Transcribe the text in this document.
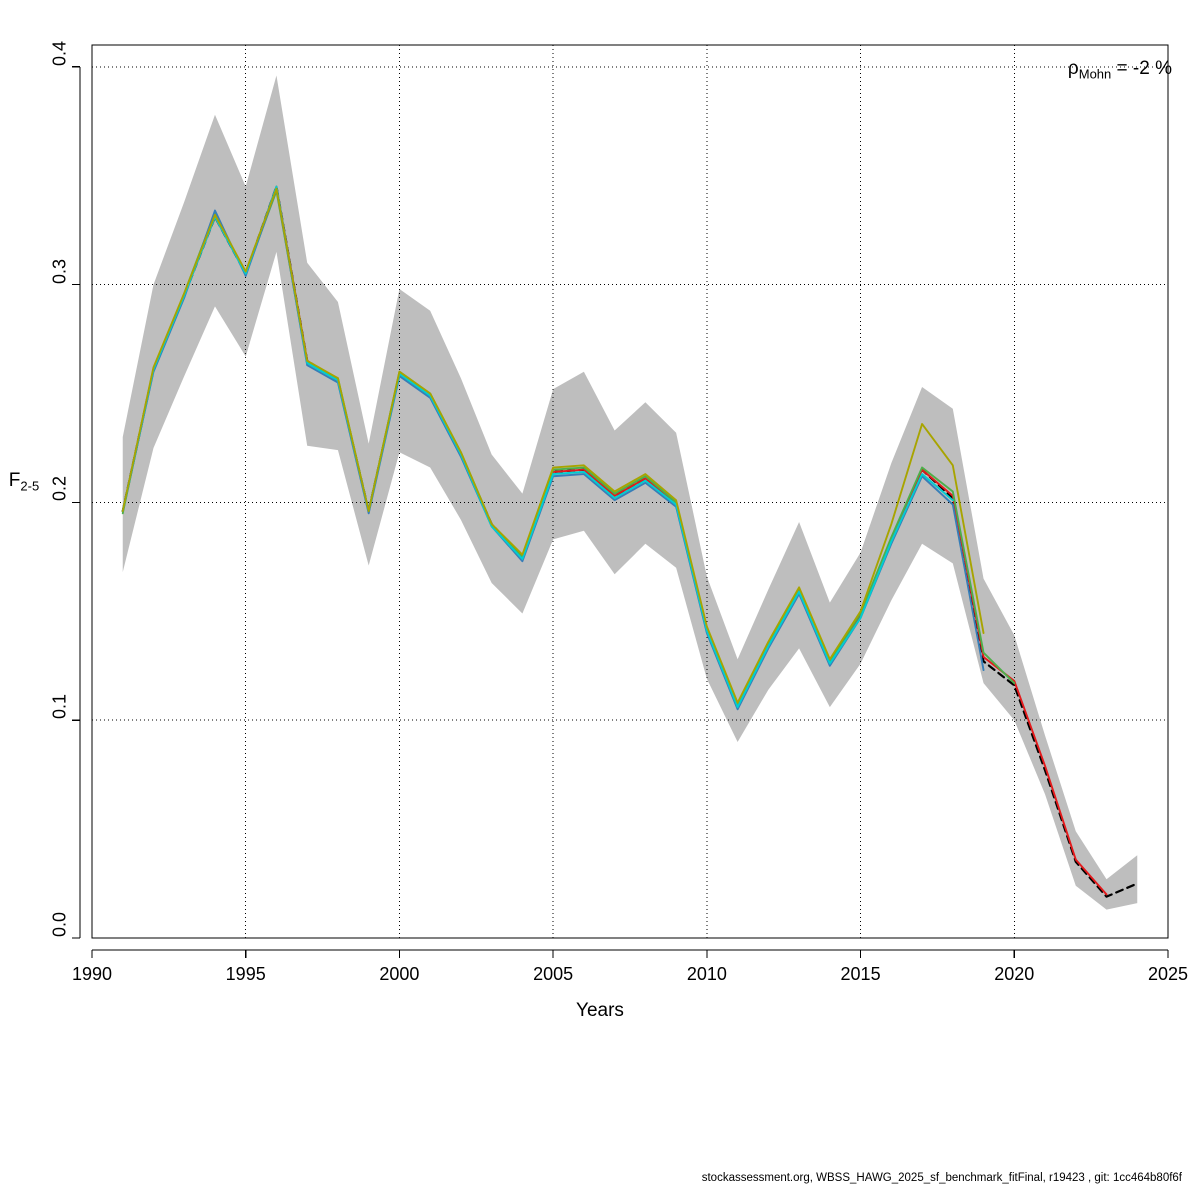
$F_{2-5}$
Years
$\rho_{Mohn} = -2$ %
stockassessment.org, WBSS_HAWG_2025_sf_benchmark_fitFinal, r19423 , git: 1cc464b80f6f
1990	1995	2000	2005	2010	2015	2020	2025
0.0
0.1
0.2
0.3
0.4
